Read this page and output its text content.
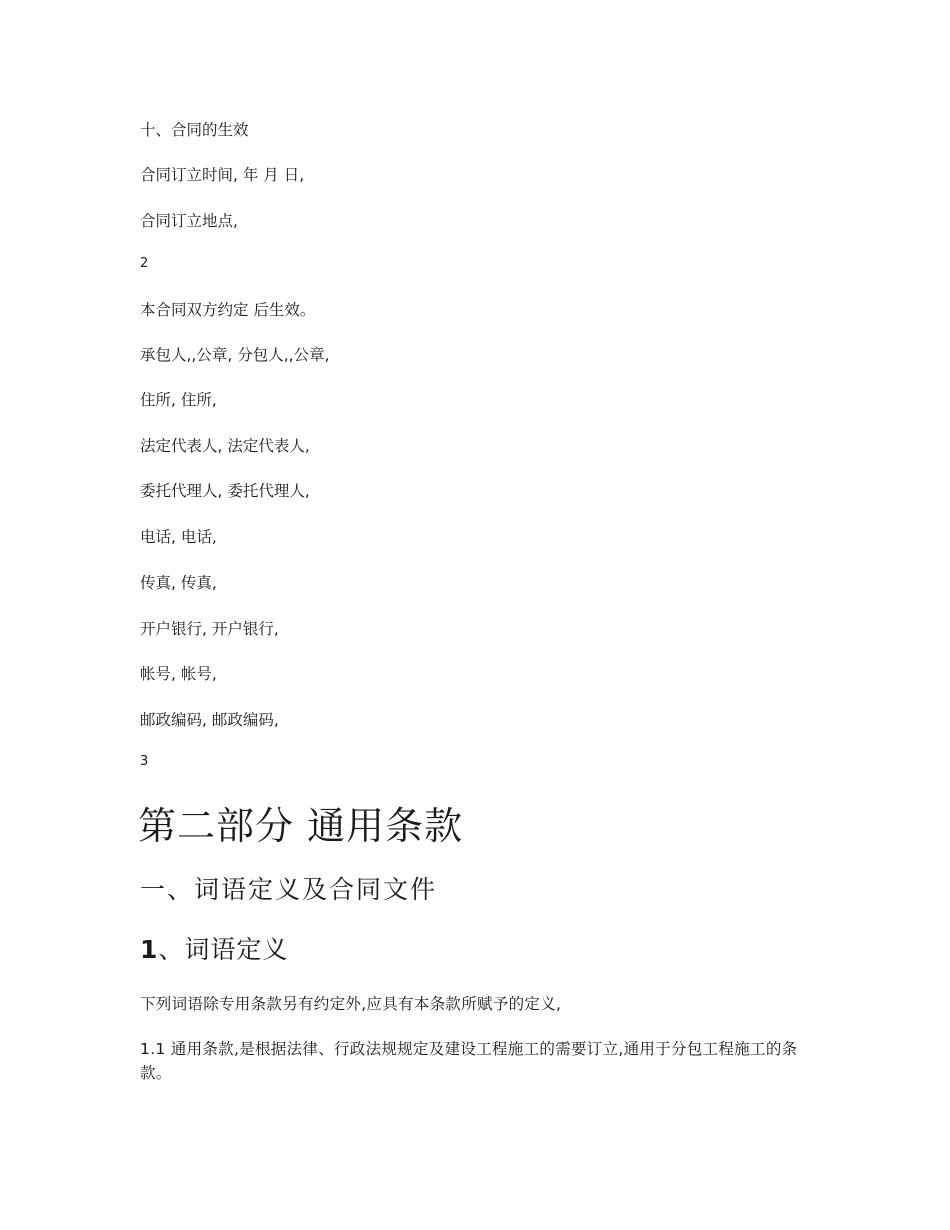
十、合同的生效
合同订立时间, 年 月 日,
合同订立地点,
2
本合同双方约定 后生效。
承包人,,公章, 分包人,,公章,
住所, 住所,
法定代表人, 法定代表人,
委托代理人, 委托代理人,
电话, 电话,
传真, 传真,
开户银行, 开户银行,
帐号, 帐号,
邮政编码, 邮政编码,
3
第二部分 通用条款
一、词语定义及合同文件
1、词语定义
下列词语除专用条款另有约定外,应具有本条款所赋予的定义,
1.1 通用条款,是根据法律、行政法规规定及建设工程施工的需要订立,通用于分包工程施工的条款。
